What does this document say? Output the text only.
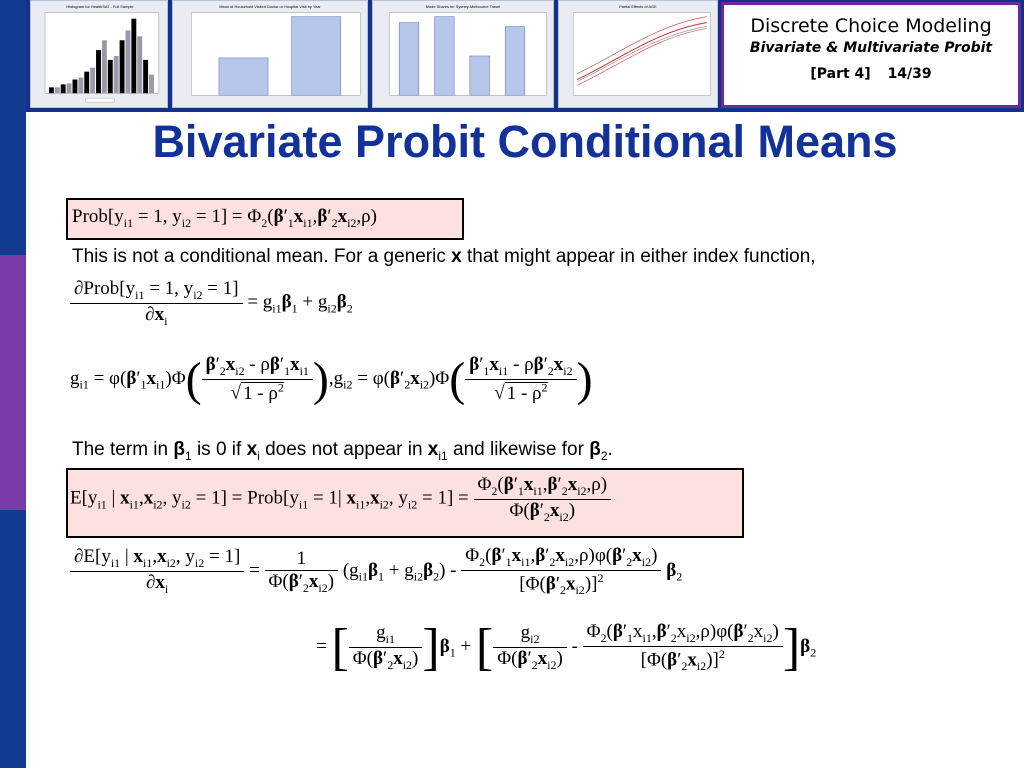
Histogram for HealthSAT - Full Sample	Mean of Household Visited Doctor or Hospital Visit by Year	Mode Shares for Sydney-Melbourne Travel	Partial Effects of AGE
Discrete Choice Modeling
Bivariate & Multivariate Probit
[Part 4] 14/39
Bivariate Probit Conditional Means
$Prob[y_{i1} = 1$, $y_{i2} = 1] = \Phi_2(\beta'_1x_{i1},\beta'_2x_{i2},\rho)$
This is not a conditional mean. For a generic x that might appear in either index function,
$\frac{\partial Prob[y_{i1} = 1, y_{i2} = 1]}{\partial x_i} = g_{i1}\beta_1 + g_{i2}\beta_2$
$g_{i1} = \varphi(\beta'_1x_{i1})\Phi( \frac{\beta'_2x_{i2} - \rho\beta'_1x_{i1}}{√ 1 - \rho^2} ),g_{i2} = \varphi(\beta'_2x_{i2})\Phi( \frac{\beta'_1x_{i1} - \rho\beta'_2x_{i2}}{√ 1 - \rho^2}$ )
The term in $\beta_1$ is 0 if $x_i$ does not appear in $x_{i1}$ and likewise for $\beta_2$.
$E[y_{i1}$ | $x_{i1},x_{i2}$, $y_{i2} = 1$] = $Prob[y_{i1} = 1|$ $x_{i1},x_{i2}$, $y_{i2} = 1] = \frac{\Phi_2(\beta'_1x_{i1},\beta'_2x_{i2},\rho)}{\Phi(\beta'_2x_{i2})}$
$\frac{\partial E[y_{i1} | x_{i1},x_{i2}, y_{i2} = 1]}{\partial x_i} = \frac{1}{\Phi(\beta'_2x_{i2})} (g_{i1}\beta_1 + g_{i2}\beta_2) - \frac{\Phi_2(\beta'_1x_{i1},\beta'_2x_{i2},\rho)\varphi(\beta'_2x_{i2})}{[\Phi(\beta'_2x_{i2})]^2} \beta_2$
= [ $\frac{g_{i1}}{\Phi(\beta'_2x_{i2})} ]\beta_1$ + [ $\frac{g_{i2}}{\Phi(\beta'_2x_{i2})} - \frac{\Phi_2(\beta'_1x_{i1},\beta'_2x_{i2},\rho)\varphi(\beta'_2x_{i2})}{[\Phi(\beta'_2x_{i2})]^2} ]\beta_2$
